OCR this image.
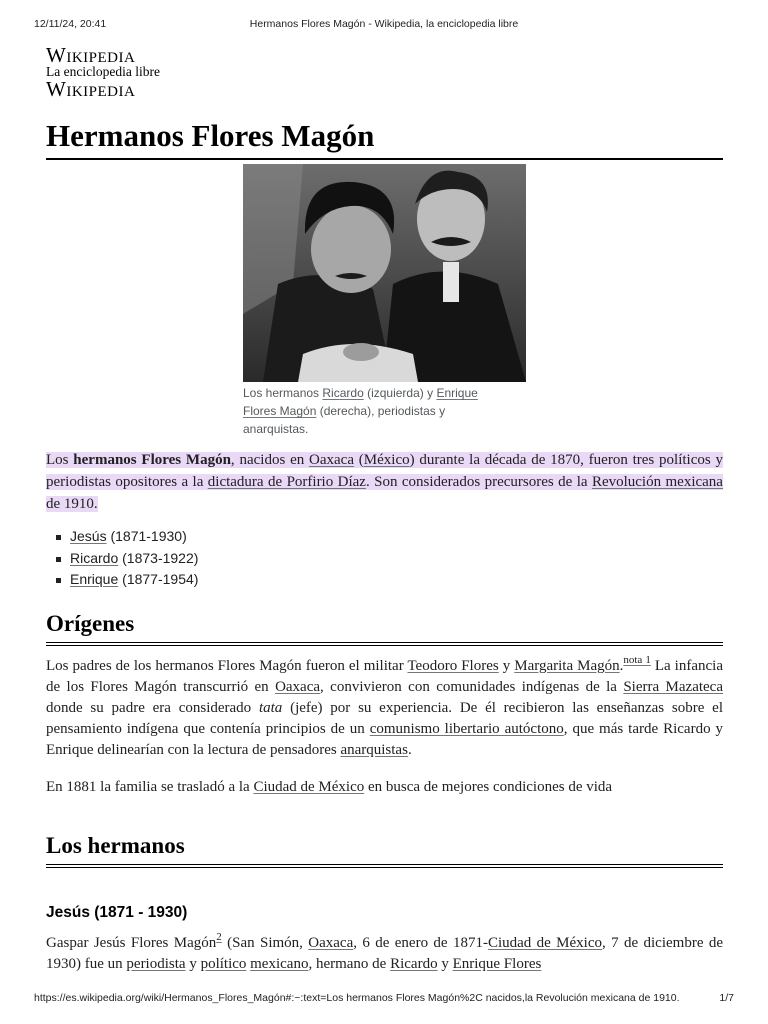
12/11/24, 20:41	Hermanos Flores Magón - Wikipedia, la enciclopedia libre
Wikipedia
La enciclopedia libre
Wikipedia
Hermanos Flores Magón
Los hermanos Ricardo (izquierda) y Enrique Flores Magón (derecha), periodistas y anarquistas.

Los hermanos Flores Magón, nacidos en Oaxaca (México) durante la década de 1870, fueron tres políticos y periodistas opositores a la dictadura de Porfirio Díaz. Son considerados precursores de la Revolución mexicana de 1910.

Jesús (1871-1930)
Ricardo (1873-1922)
Enrique (1877-1954)
Orígenes

Los padres de los hermanos Flores Magón fueron el militar Teodoro Flores y Margarita Magón.$^{nota 1}$ La infancia de los Flores Magón transcurrió en Oaxaca, convivieron con comunidades indígenas de la Sierra Mazateca donde su padre era considerado tata (jefe) por su experiencia. De él recibieron las enseñanzas sobre el pensamiento indígena que contenía principios de un comunismo libertario autóctono, que más tarde Ricardo y Enrique delinearían con la lectura de pensadores anarquistas.

En 1881 la familia se trasladó a la Ciudad de México en busca de mejores condiciones de vida

Los hermanos
Jesús (1871 - 1930)

Gaspar Jesús Flores Magón$^2$ (San Simón, Oaxaca, 6 de enero de 1871-Ciudad de México, 7 de diciembre de 1930) fue un periodista y político mexicano, hermano de Ricardo y Enrique Flores

https://es.wikipedia.org/wiki/Hermanos_Flores_Magón#:~:text=Los hermanos Flores Magón%2C nacidos,la Revolución mexicana de 1910.	1/7
